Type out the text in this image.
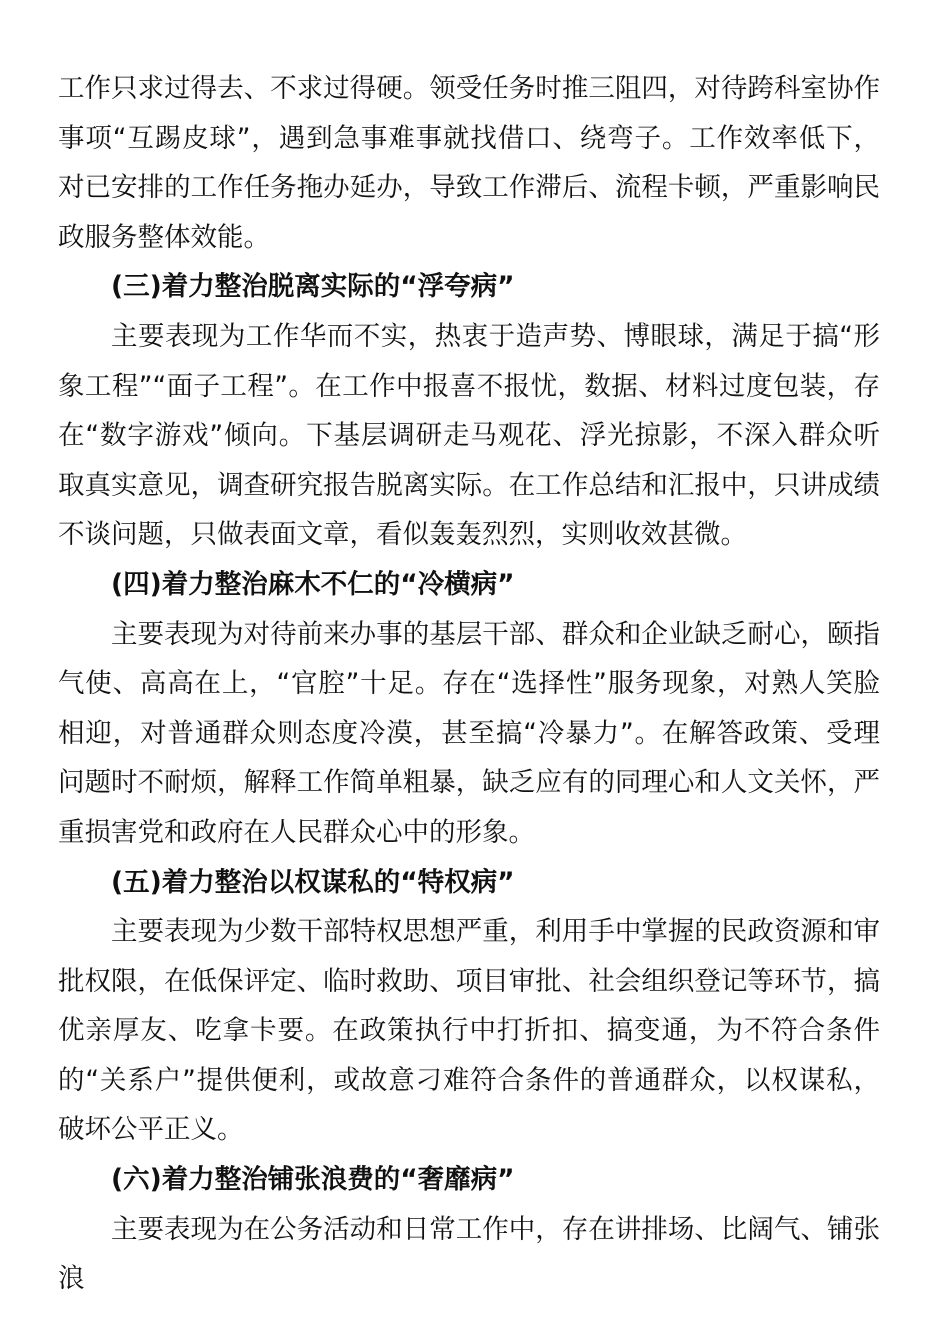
工作只求过得去、不求过得硬。领受任务时推三阻四，对待跨科室协作事项“互踢皮球”，遇到急事难事就找借口、绕弯子。工作效率低下，对已安排的工作任务拖办延办，导致工作滞后、流程卡顿，严重影响民政服务整体效能。

(三)着力整治脱离实际的“浮夸病”

主要表现为工作华而不实，热衷于造声势、博眼球，满足于搞“形象工程”“面子工程”。在工作中报喜不报忧，数据、材料过度包装，存在“数字游戏”倾向。下基层调研走马观花、浮光掠影，不深入群众听取真实意见，调查研究报告脱离实际。在工作总结和汇报中，只讲成绩不谈问题，只做表面文章，看似轰轰烈烈，实则收效甚微。

(四)着力整治麻木不仁的“冷横病”

主要表现为对待前来办事的基层干部、群众和企业缺乏耐心，颐指气使、高高在上，“官腔”十足。存在“选择性”服务现象，对熟人笑脸相迎，对普通群众则态度冷漠，甚至搞“冷暴力”。在解答政策、受理问题时不耐烦，解释工作简单粗暴，缺乏应有的同理心和人文关怀，严重损害党和政府在人民群众心中的形象。

(五)着力整治以权谋私的“特权病”

主要表现为少数干部特权思想严重，利用手中掌握的民政资源和审批权限，在低保评定、临时救助、项目审批、社会组织登记等环节，搞优亲厚友、吃拿卡要。在政策执行中打折扣、搞变通，为不符合条件的“关系户”提供便利，或故意刁难符合条件的普通群众，以权谋私，破坏公平正义。

(六)着力整治铺张浪费的“奢靡病”

主要表现为在公务活动和日常工作中，存在讲排场、比阔气、铺张浪
